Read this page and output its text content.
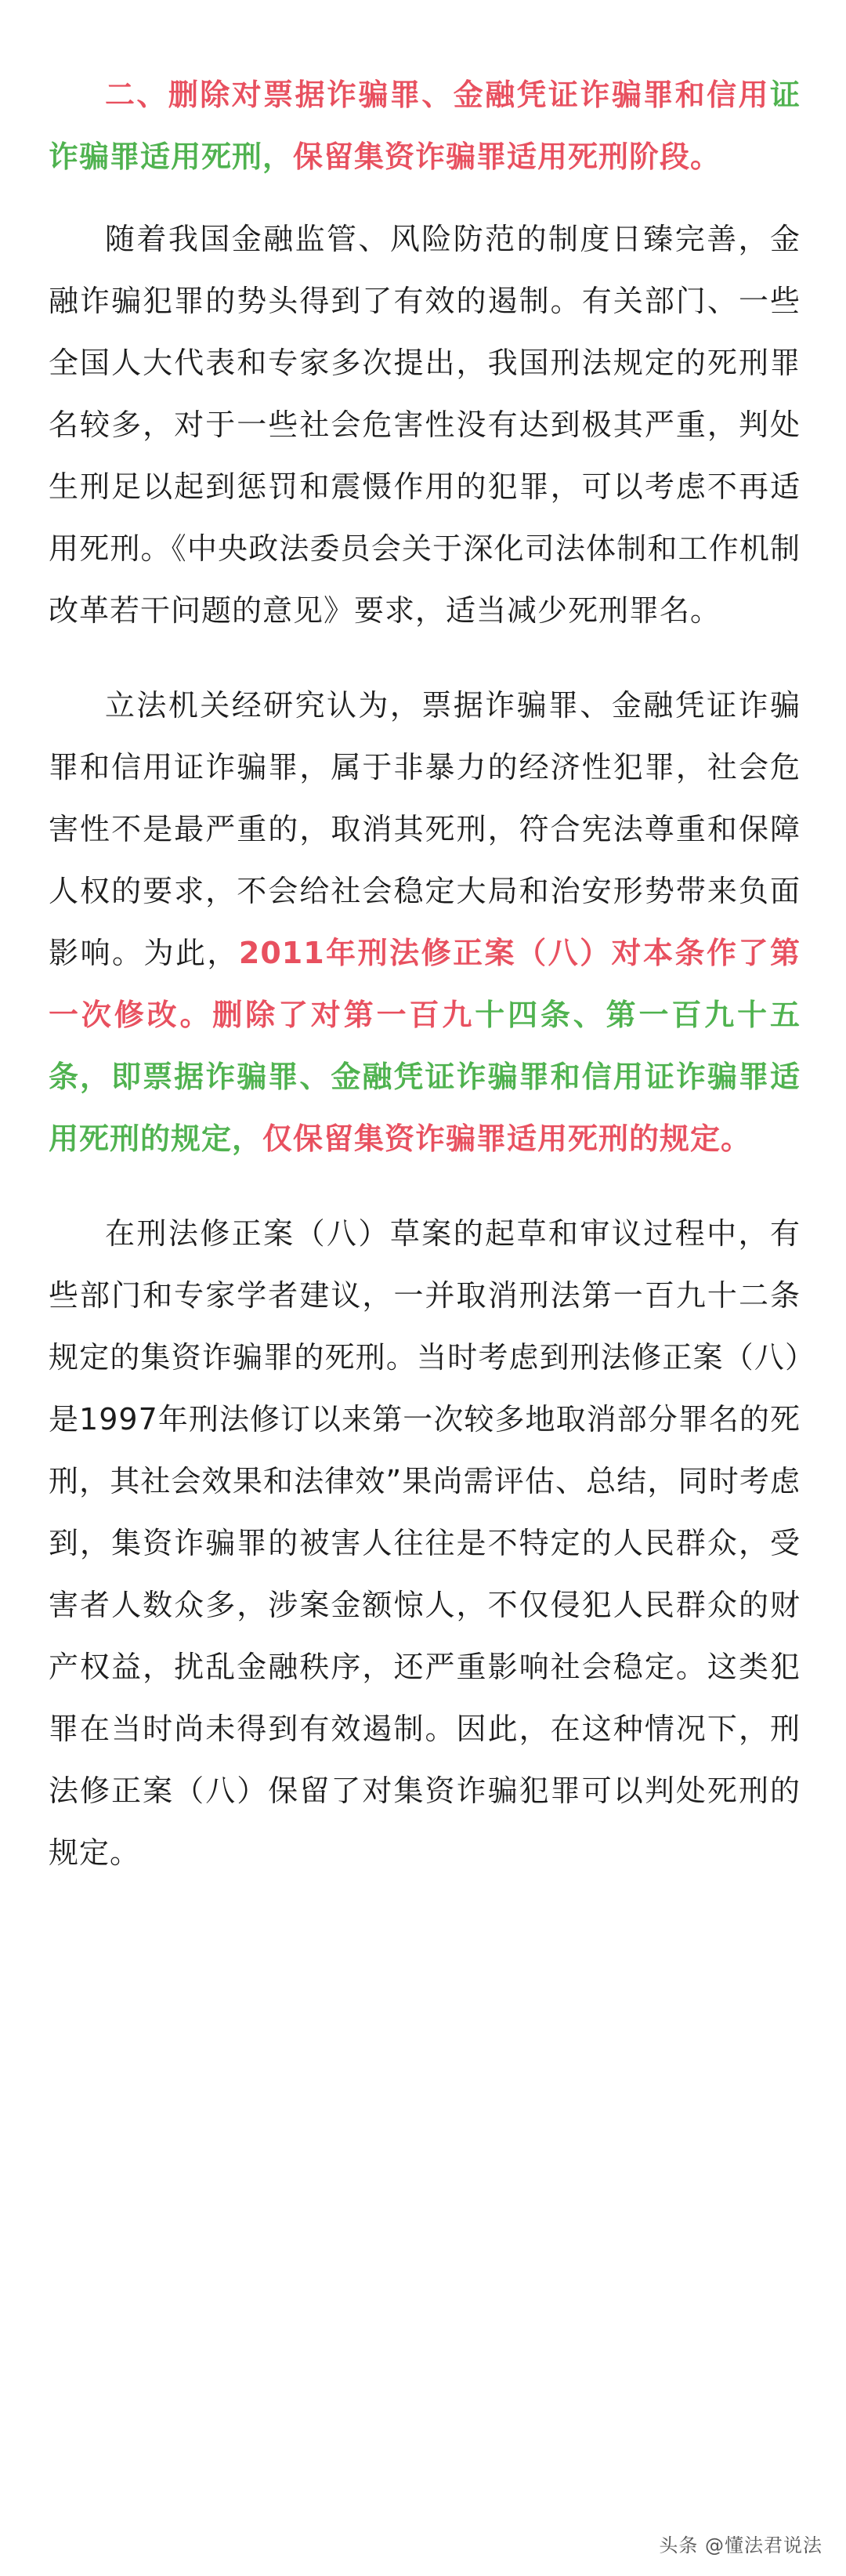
二、删除对票据诈骗罪、金融凭证诈骗罪和信用证诈骗罪适用死刑，保留集资诈骗罪适用死刑阶段。

随着我国金融监管、风险防范的制度日臻完善，金融诈骗犯罪的势头得到了有效的遏制。有关部门、一些全国人大代表和专家多次提出，我国刑法规定的死刑罪名较多，对于一些社会危害性没有达到极其严重，判处生刑足以起到惩罚和震慑作用的犯罪，可以考虑不再适用死刑。《中央政法委员会关于深化司法体制和工作机制改革若干问题的意见》要求，适当减少死刑罪名。

立法机关经研究认为，票据诈骗罪、金融凭证诈骗罪和信用证诈骗罪，属于非暴力的经济性犯罪，社会危害性不是最严重的，取消其死刑，符合宪法尊重和保障人权的要求，不会给社会稳定大局和治安形势带来负面影响。为此，2011年刑法修正案（八）对本条作了第一次修改。删除了对第一百九十四条、第一百九十五条，即票据诈骗罪、金融凭证诈骗罪和信用证诈骗罪适用死刑的规定，仅保留集资诈骗罪适用死刑的规定。

在刑法修正案（八）草案的起草和审议过程中，有些部门和专家学者建议，一并取消刑法第一百九十二条规定的集资诈骗罪的死刑。当时考虑到刑法修正案（八）是1997年刑法修订以来第一次较多地取消部分罪名的死刑，其社会效果和法律效”果尚需评估、总结，同时考虑到，集资诈骗罪的被害人往往是不特定的人民群众，受害者人数众多，涉案金额惊人，不仅侵犯人民群众的财产权益，扰乱金融秩序，还严重影响社会稳定。这类犯罪在当时尚未得到有效遏制。因此，在这种情况下，刑法修正案（八）保留了对集资诈骗犯罪可以判处死刑的规定。

头条 @懂法君说法
